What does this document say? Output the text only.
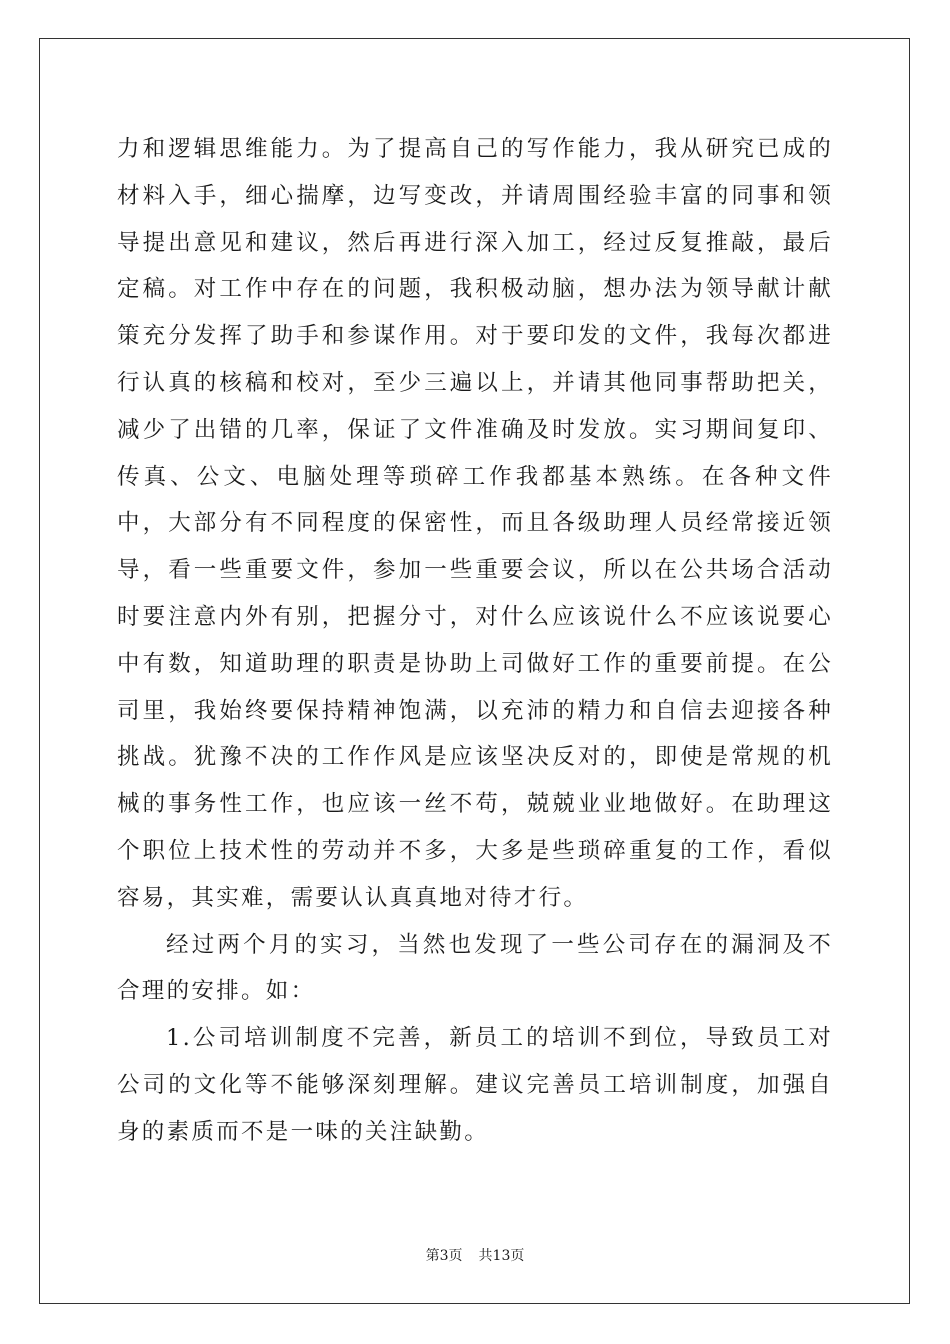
力和逻辑思维能力。为了提高自己的写作能力，我从研究已成的材料入手，细心揣摩，边写变改，并请周围经验丰富的同事和领导提出意见和建议，然后再进行深入加工，经过反复推敲，最后定稿。对工作中存在的问题，我积极动脑，想办法为领导献计献策充分发挥了助手和参谋作用。对于要印发的文件，我每次都进行认真的核稿和校对，至少三遍以上，并请其他同事帮助把关，减少了出错的几率，保证了文件准确及时发放。实习期间复印、传真、公文、电脑处理等琐碎工作我都基本熟练。在各种文件中，大部分有不同程度的保密性，而且各级助理人员经常接近领导，看一些重要文件，参加一些重要会议，所以在公共场合活动时要注意内外有别，把握分寸，对什么应该说什么不应该说要心中有数，知道助理的职责是协助上司做好工作的重要前提。在公司里，我始终要保持精神饱满，以充沛的精力和自信去迎接各种挑战。犹豫不决的工作作风是应该坚决反对的，即使是常规的机械的事务性工作，也应该一丝不苟，兢兢业业地做好。在助理这个职位上技术性的劳动并不多，大多是些琐碎重复的工作，看似容易，其实难，需要认认真真地对待才行。

经过两个月的实习，当然也发现了一些公司存在的漏洞及不合理的安排。如：

1.公司培训制度不完善，新员工的培训不到位，导致员工对公司的文化等不能够深刻理解。建议完善员工培训制度，加强自身的素质而不是一味的关注缺勤。

第3页 共13页
